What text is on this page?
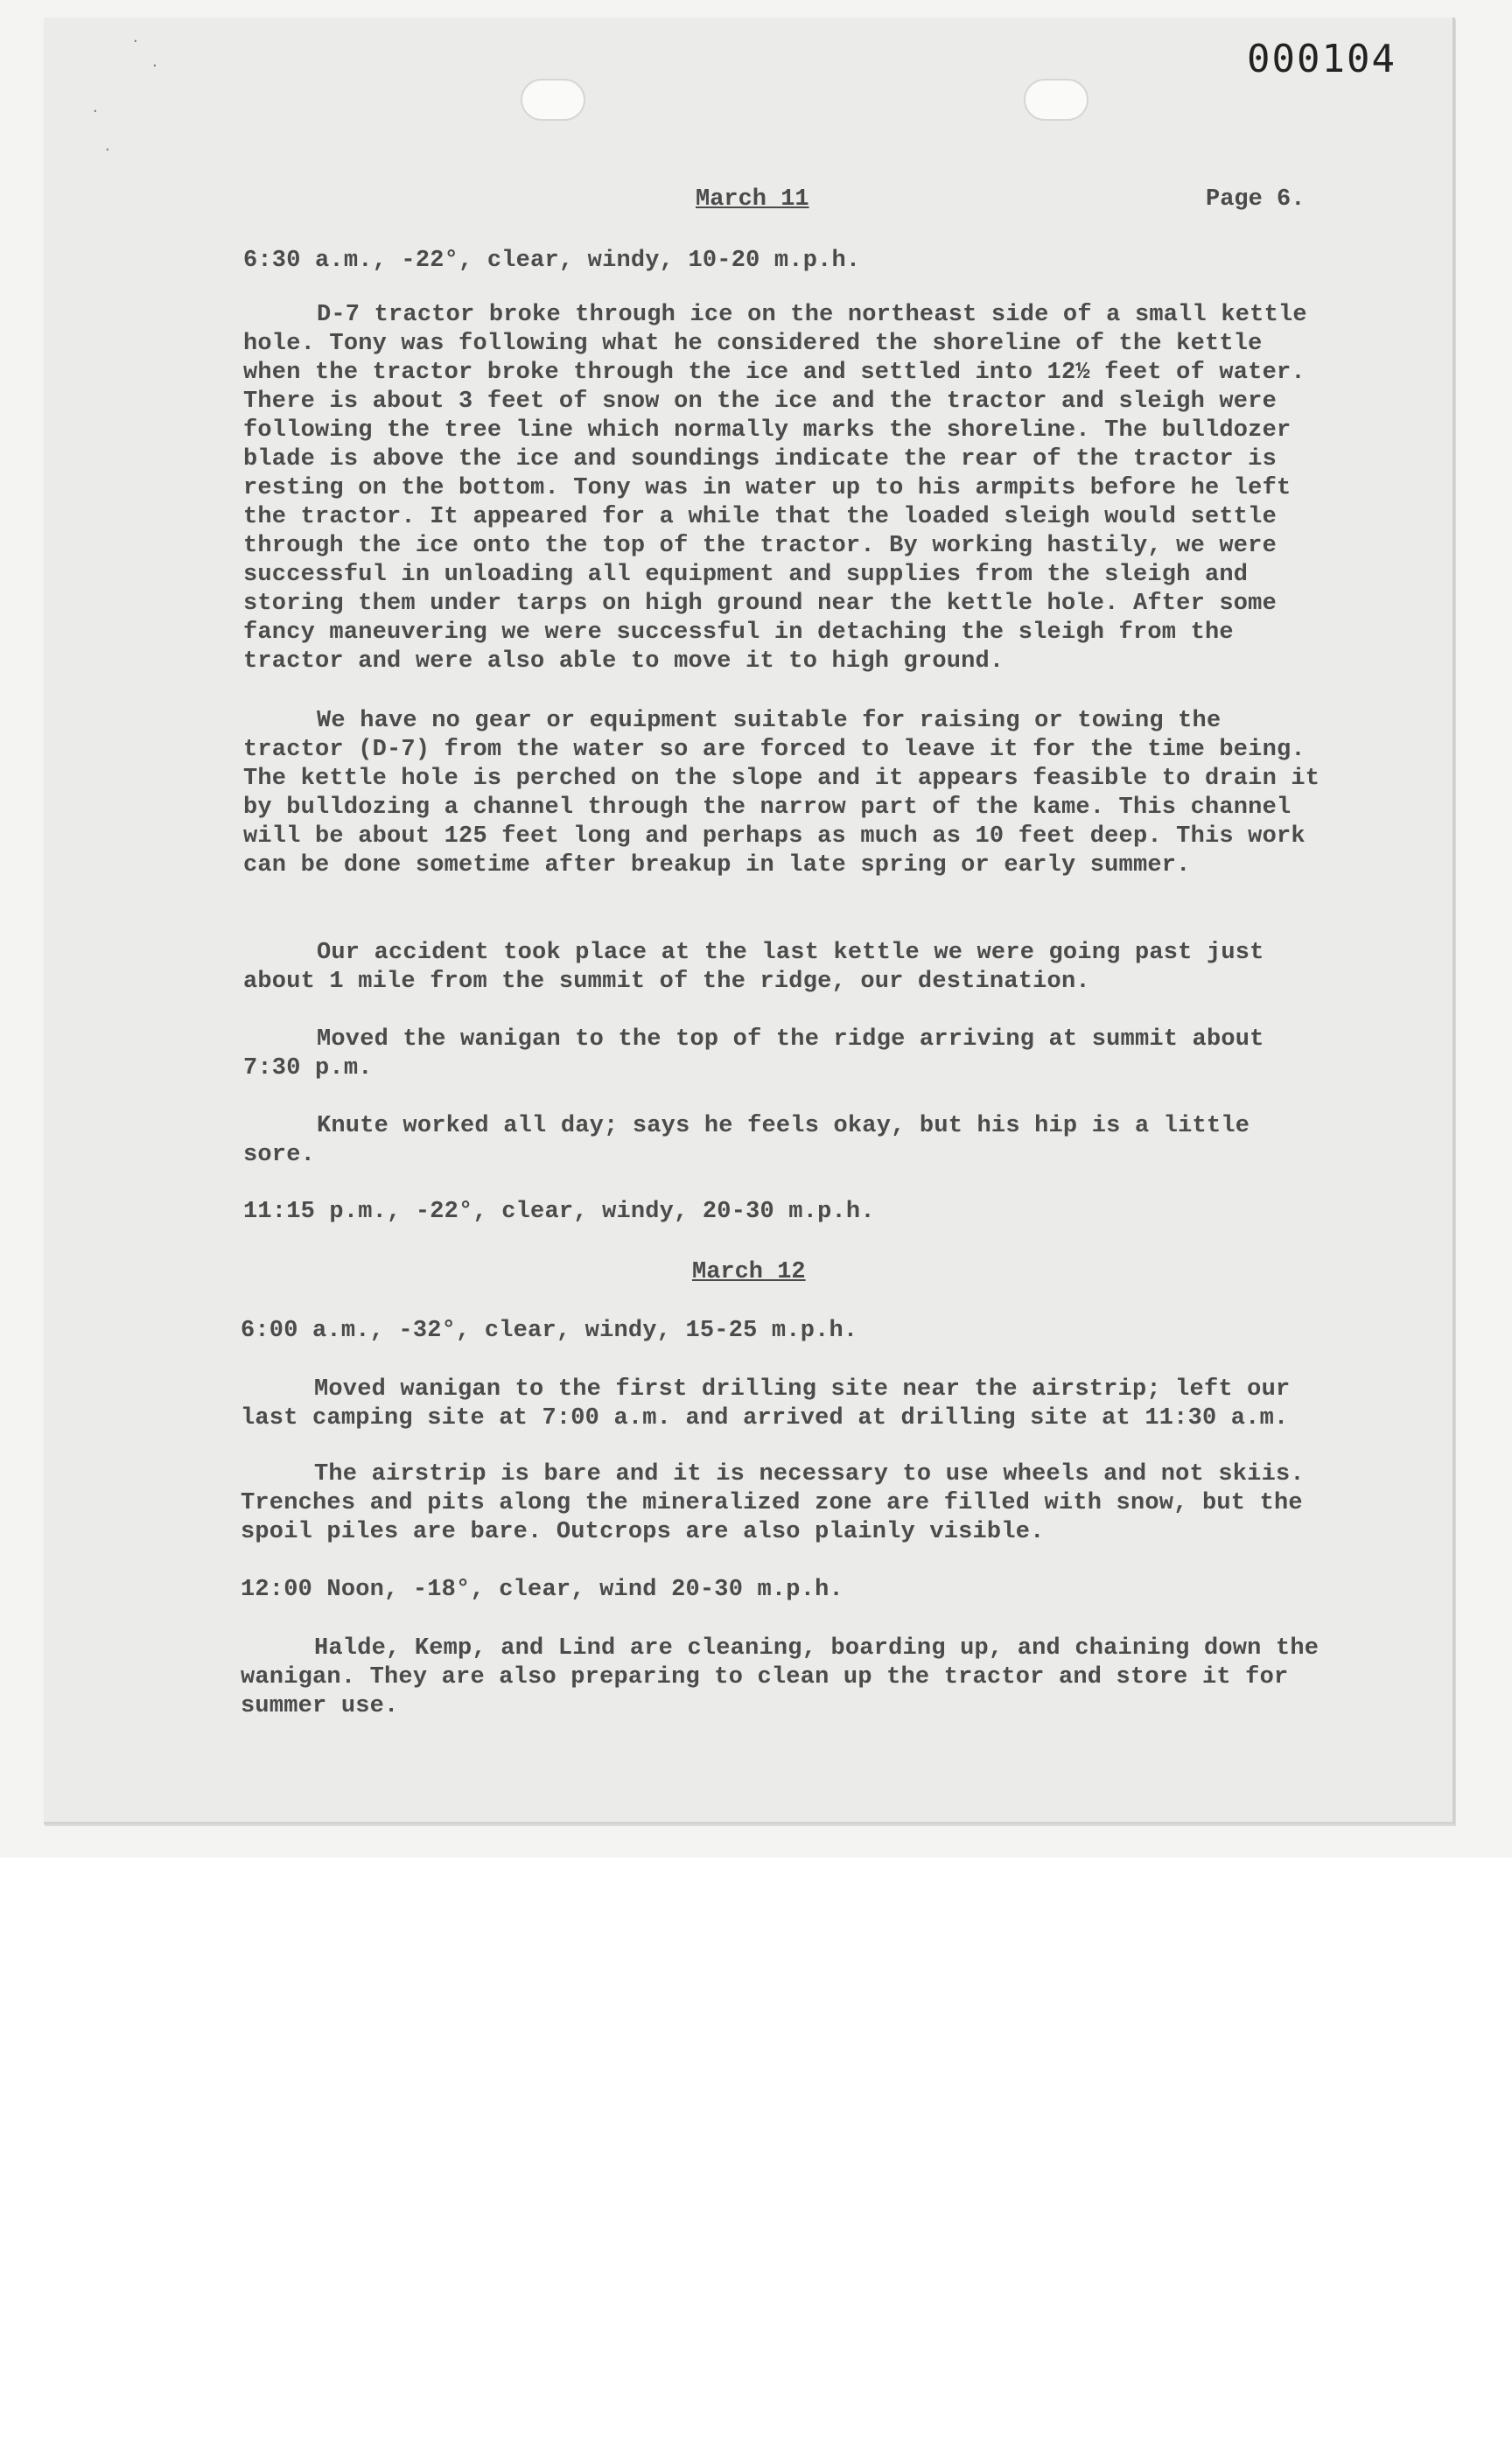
·
·
·
·
000104
March 11	Page 6.
6:30 a.m., -22°, clear, windy, 10-20 m.p.h.
D-7 tractor broke through ice on the northeast side of a small kettle hole. Tony was following what he considered the shoreline of the kettle when the tractor broke through the ice and settled into 12½ feet of water. There is about 3 feet of snow on the ice and the tractor and sleigh were following the tree line which normally marks the shoreline. The bulldozer blade is above the ice and soundings indicate the rear of the tractor is resting on the bottom. Tony was in water up to his armpits before he left the tractor. It appeared for a while that the loaded sleigh would settle through the ice onto the top of the tractor. By working hastily, we were successful in unloading all equipment and supplies from the sleigh and storing them under tarps on high ground near the kettle hole. After some fancy maneuvering we were successful in detaching the sleigh from the tractor and were also able to move it to high ground.
We have no gear or equipment suitable for raising or towing the tractor (D-7) from the water so are forced to leave it for the time being. The kettle hole is perched on the slope and it appears feasible to drain it by bulldozing a channel through the narrow part of the kame. This channel will be about 125 feet long and perhaps as much as 10 feet deep. This work can be done sometime after breakup in late spring or early summer.
Our accident took place at the last kettle we were going past just about 1 mile from the summit of the ridge, our destination.
Moved the wanigan to the top of the ridge arriving at summit about 7:30 p.m.
Knute worked all day; says he feels okay, but his hip is a little sore.
11:15 p.m., -22°, clear, windy, 20-30 m.p.h.
March 12
6:00 a.m., -32°, clear, windy, 15-25 m.p.h.
Moved wanigan to the first drilling site near the airstrip; left our last camping site at 7:00 a.m. and arrived at drilling site at 11:30 a.m.
The airstrip is bare and it is necessary to use wheels and not skiis. Trenches and pits along the mineralized zone are filled with snow, but the spoil piles are bare. Outcrops are also plainly visible.
12:00 Noon, -18°, clear, wind 20-30 m.p.h.
Halde, Kemp, and Lind are cleaning, boarding up, and chaining down the wanigan. They are also preparing to clean up the tractor and store it for summer use.
